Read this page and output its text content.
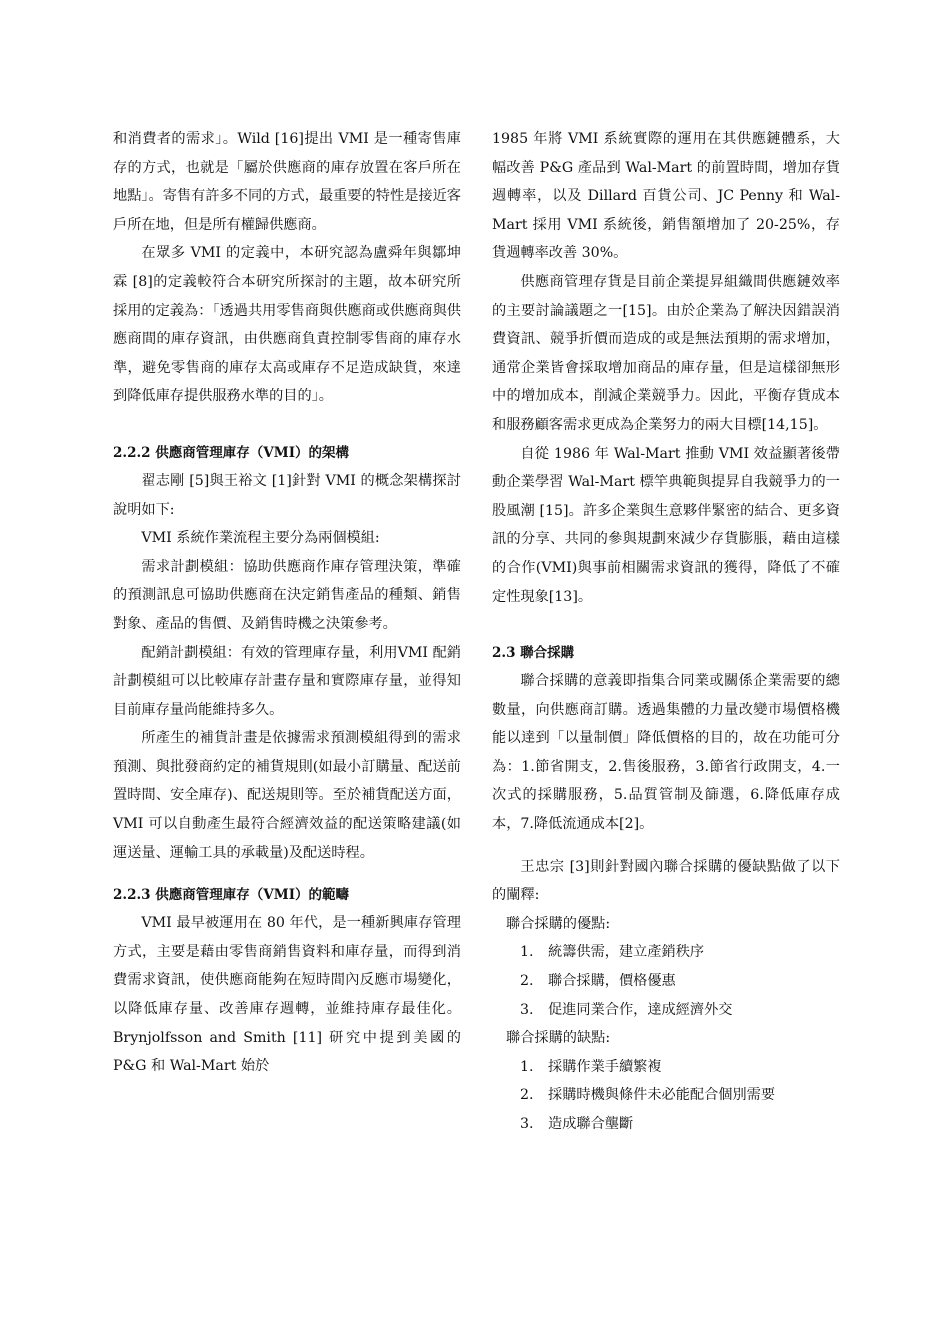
和消費者的需求」。Wild [16]提出 VMI 是一種寄售庫存的方式，也就是「屬於供應商的庫存放置在客戶所在地點」。寄售有許多不同的方式，最重要的特性是接近客戶所在地，但是所有權歸供應商。

在眾多 VMI 的定義中，本研究認為盧舜年與鄒坤霖 [8]的定義較符合本研究所探討的主題，故本研究所採用的定義為：「透過共用零售商與供應商或供應商與供應商間的庫存資訊，由供應商負責控制零售商的庫存水準，避免零售商的庫存太高或庫存不足造成缺貨，來達到降低庫存提供服務水準的目的」。

2.2.2 供應商管理庫存（VMI）的架構

翟志剛 [5]與王裕文 [1]針對 VMI 的概念架構探討說明如下:

VMI 系統作業流程主要分為兩個模組:

需求計劃模組：協助供應商作庫存管理決策，準確的預測訊息可協助供應商在決定銷售產品的種類、銷售對象、產品的售價、及銷售時機之決策參考。

配銷計劃模組：有效的管理庫存量，利用VMI 配銷計劃模組可以比較庫存計畫存量和實際庫存量，並得知目前庫存量尚能維持多久。

所產生的補貨計畫是依據需求預測模組得到的需求預測、與批發商約定的補貨規則(如最小訂購量、配送前置時間、安全庫存)、配送規則等。至於補貨配送方面，VMI 可以自動產生最符合經濟效益的配送策略建議(如運送量、運輸工具的承載量)及配送時程。

2.2.3 供應商管理庫存（VMI）的範疇

VMI 最早被運用在 80 年代，是一種新興庫存管理方式，主要是藉由零售商銷售資料和庫存量，而得到消費需求資訊，使供應商能夠在短時間內反應市場變化，以降低庫存量、改善庫存週轉，並維持庫存最佳化。Brynjolfsson and Smith [11] 研究中提到美國的 P&G 和 Wal-Mart 始於

1985 年將 VMI 系統實際的運用在其供應鏈體系，大幅改善 P&G 產品到 Wal-Mart 的前置時間，增加存貨週轉率，以及 Dillard 百貨公司、JC Penny 和 Wal-Mart 採用 VMI 系統後，銷售額增加了 20-25%，存貨週轉率改善 30%。

供應商管理存貨是目前企業提昇組織間供應鏈效率的主要討論議題之一[15]。由於企業為了解決因錯誤消費資訊、競爭折價而造成的或是無法預期的需求增加，通常企業皆會採取增加商品的庫存量，但是這樣卻無形中的增加成本，削減企業競爭力。因此，平衡存貨成本和服務顧客需求更成為企業努力的兩大目標[14,15]。

自從 1986 年 Wal-Mart 推動 VMI 效益顯著後帶動企業學習 Wal-Mart 標竿典範與提昇自我競爭力的一股風潮 [15]。許多企業與生意夥伴緊密的結合、更多資訊的分享、共同的參與規劃來減少存貨膨脹，藉由這樣的合作(VMI)與事前相關需求資訊的獲得，降低了不確定性現象[13]。

2.3 聯合採購

聯合採購的意義即指集合同業或關係企業需要的總數量，向供應商訂購。透過集體的力量改變市場價格機能以達到「以量制價」降低價格的目的，故在功能可分為：1.節省開支，2.售後服務，3.節省行政開支，4.一次式的採購服務，5.品質管制及篩選，6.降低庫存成本，7.降低流通成本[2]。

王忠宗 [3]則針對國內聯合採購的優缺點做了以下的闡釋:

聯合採購的優點:

1.	統籌供需，建立產銷秩序
2.	聯合採購，價格優惠
3.	促進同業合作，達成經濟外交

聯合採購的缺點:

1.	採購作業手續繁複
2.	採購時機與條件未必能配合個別需要
3.	造成聯合壟斷
